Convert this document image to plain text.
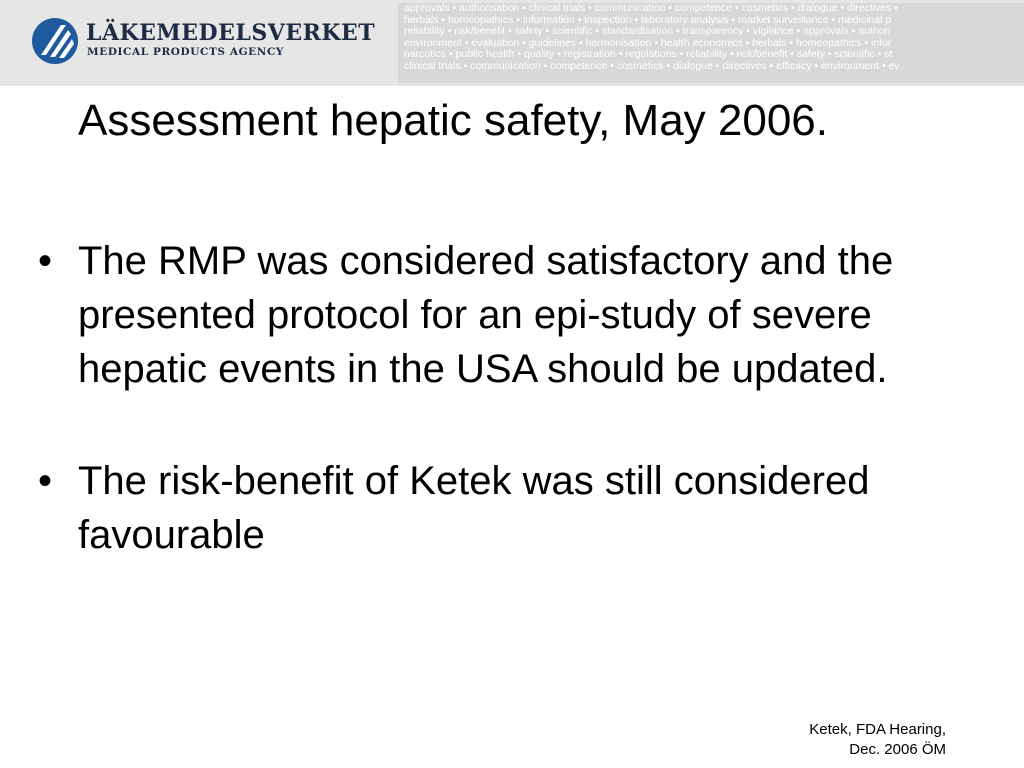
LÄKEMEDELSVERKET
MEDICAL PRODUCTS AGENCY
approvals • authorisation • clinical trials • communication • competence • cosmetics • dialogue • directives •
herbals • homeopathics • information • inspection • laboratory analysis • market surveillance • medicinal p
reliability • risk/benefit • safety • scientific • standardisation • transparency • vigilance • approvals • authori
environment • evaluation • guidelines • harmonisation • health economics • herbals • homeopathics • infor
narcotics • public health • quality • registration • regulations • reliability • risk/benefit • safety • scientific • st
clinical trials • communication • competence • cosmetics • dialogue • directives • efficacy • environment • ev
Assessment hepatic safety, May 2006.
• The RMP was considered satisfactory and the presented protocol for an epi-study of severe hepatic events in the USA should be updated.
• The risk-benefit of Ketek was still considered favourable
Ketek, FDA Hearing,
Dec. 2006 ÖM
